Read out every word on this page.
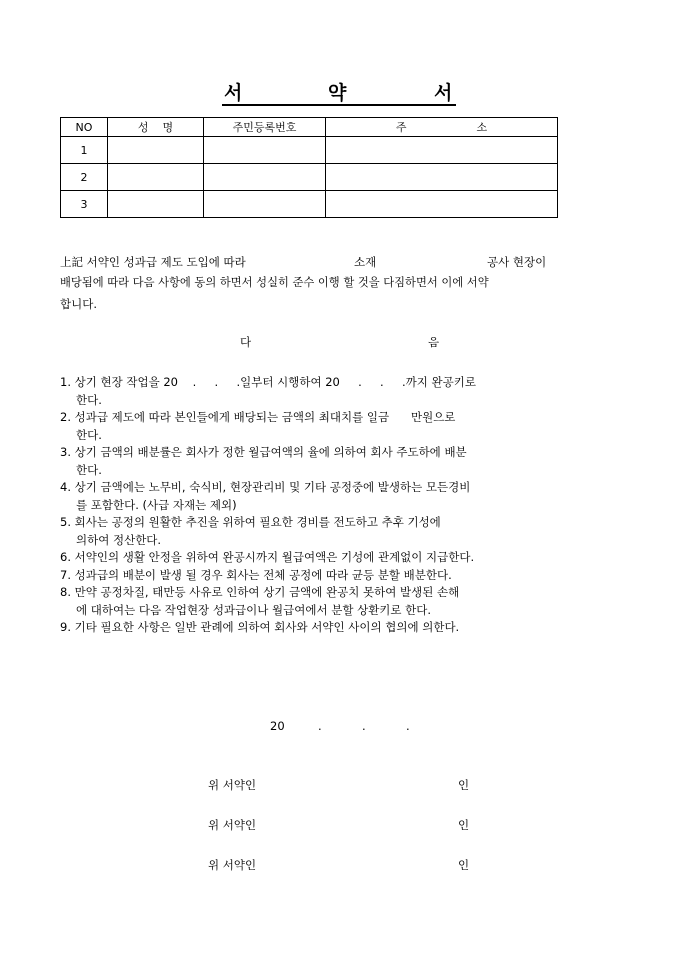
서	약	서
NO	성    명	주민등록번호	주                    소
1			
2			
3			
上記 서약인 성과급 제도 도입에 따라	소재	공사 현장이
배당됨에 따라 다음 사항에 동의 하면서 성실히 준수 이행 할 것을 다짐하면서 이에 서약
합니다.
다	음
1. 상기 현장 작업을 20    .     .     .일부터 시행하여 20     .     .     .까지 완공키로
한다.
2. 성과급 제도에 따라 본인들에게 배당되는 금액의 최대치를 일금      만원으로
한다.
3. 상기 금액의 배분률은 회사가 정한 월급여액의 율에 의하여 회사 주도하에 배분
한다.
4. 상기 금액에는 노무비, 숙식비, 현장관리비 및 기타 공정중에 발생하는 모든경비
를 포함한다. (사급 자재는 제외)
5. 회사는 공정의 원활한 추진을 위하여 필요한 경비를 전도하고 추후 기성에
의하여 정산한다.
6. 서약인의 생활 안정을 위하여 완공시까지 월급여액은 기성에 관계없이 지급한다.
7. 성과급의 배분이 발생 될 경우 회사는 전체 공정에 따라 균등 분할 배분한다.
8. 만약 공정차질, 태만등 사유로 인하여 상기 금액에 완공치 못하여 발생된 손해
에 대하여는 다음 작업현장 성과급이나 월급여에서 분할 상환키로 한다.
9. 기타 필요한 사항은 일반 관례에 의하여 회사와 서약인 사이의 협의에 의한다.
20	.	.	.
위 서약인	인
위 서약인	인
위 서약인	인
